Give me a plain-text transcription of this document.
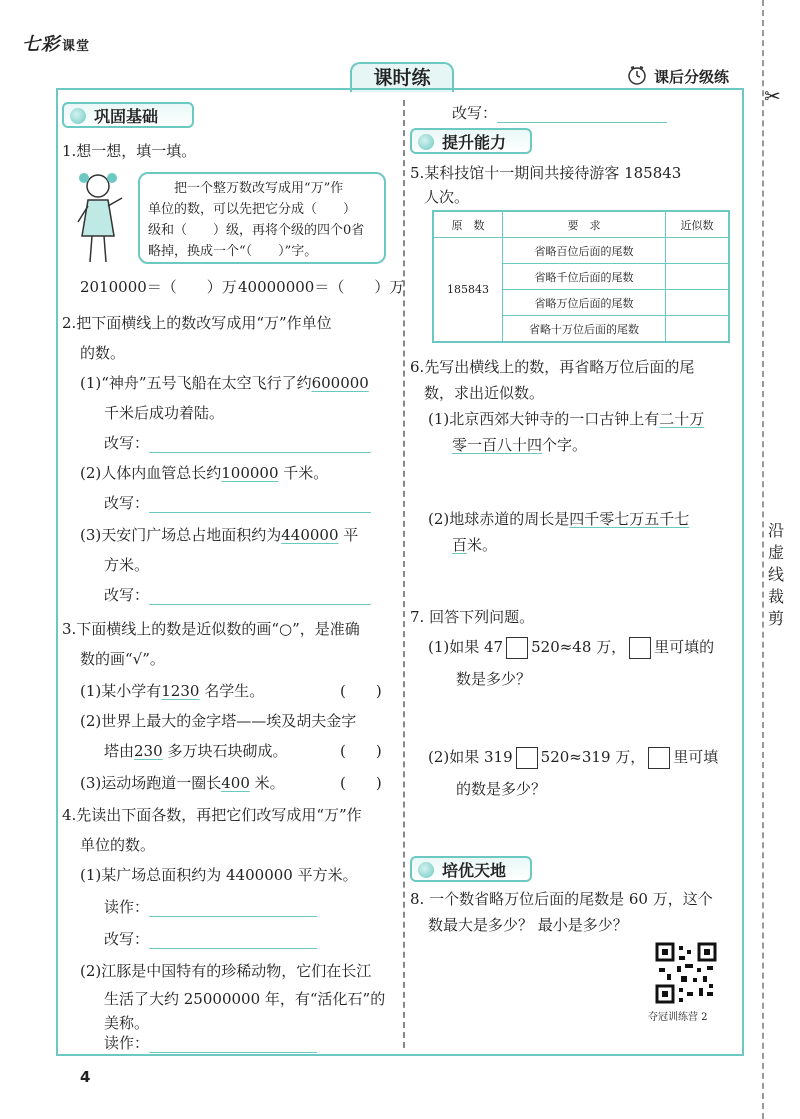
七彩 课堂
课时练	课后分级练
✂
沿虚线裁剪
巩固基础
1.想一想，填一填。
把一个整万数改写成用“万”作
单位的数，可以先把它分成（　　）
级和（　　）级，再将个级的四个0省
略掉，换成一个“（　　）”字。
2010000＝（　　）万 40000000＝（　　）万
2.把下面横线上的数改写成用“万”作单位
的数。
(1)“神舟”五号飞船在太空飞行了约600000
千米后成功着陆。
改写：
(2)人体内血管总长约100000 千米。
改写：
(3)天安门广场总占地面积约为440000 平
方米。
改写：
3.下面横线上的数是近似数的画“○”，是准确
数的画“√”。
(1)某小学有1230 名学生。	(　　)
(2)世界上最大的金字塔——埃及胡夫金字
塔由230 多万块石块砌成。	(　　)
(3)运动场跑道一圈长400 米。	(　　)
4.先读出下面各数，再把它们改写成用“万”作
单位的数。
(1)某广场总面积约为 4400000 平方米。
读作：
改写：
(2)江豚是中国特有的珍稀动物，它们在长江
生活了大约 25000000 年，有“活化石”的
美称。
读作：
改写：
提升能力
5.某科技馆十一期间共接待游客 185843
人次。
原　数	要　求	近似数
185843	省略百位后面的尾数	
	省略千位后面的尾数	
	省略万位后面的尾数	
	省略十万位后面的尾数	
6.先写出横线上的数，再省略万位后面的尾
数，求出近似数。
(1)北京西郊大钟寺的一口古钟上有二十万
零一百八十四个字。
(2)地球赤道的周长是四千零七万五千七
百米。
7. 回答下列问题。
(1)如果 47 520≈48 万， 里可填的
数是多少？
(2)如果 319 520≈319 万， 里可填
的数是多少？
培优天地
8. 一个数省略万位后面的尾数是 60 万，这个
数最大是多少？ 最小是多少？
夺冠训练营 2
4
